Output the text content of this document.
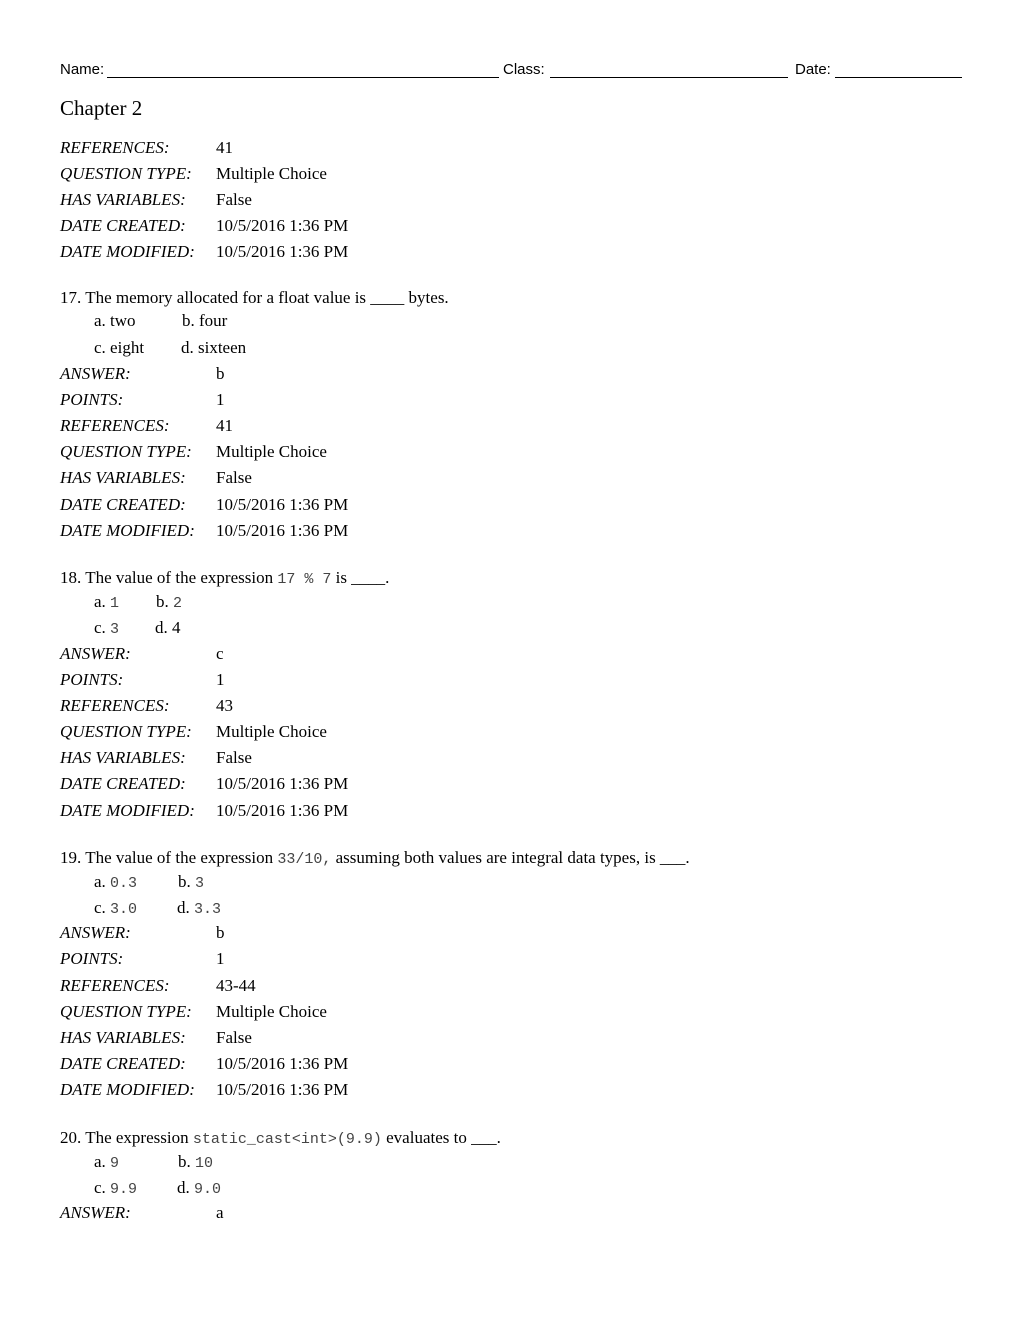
Name:	Class:	Date:
Chapter 2
REFERENCES:	41
QUESTION TYPE: Multiple Choice
HAS VARIABLES: False
DATE CREATED: 10/5/2016 1:36 PM
DATE MODIFIED: 10/5/2016 1:36 PM
17. The memory allocated for a float value is ____ bytes.
a. two	b. four
c. eight d. sixteen
ANSWER:	b
POINTS:	1
REFERENCES:	41
QUESTION TYPE: Multiple Choice
HAS VARIABLES: False
DATE CREATED: 10/5/2016 1:36 PM
DATE MODIFIED: 10/5/2016 1:36 PM
18. The value of the expression 17 % 7 is ____.
a. 1 b. 2
c. 3 d. 4
ANSWER:	c
POINTS:	1
REFERENCES:	43
QUESTION TYPE: Multiple Choice
HAS VARIABLES: False
DATE CREATED: 10/5/2016 1:36 PM
DATE MODIFIED: 10/5/2016 1:36 PM
19. The value of the expression 33/10, assuming both values are integral data types, is ___.
a. 0.3 b. 3
c. 3.0 d. 3.3
ANSWER:	b
POINTS:	1
REFERENCES:	43-44
QUESTION TYPE: Multiple Choice
HAS VARIABLES: False
DATE CREATED: 10/5/2016 1:36 PM
DATE MODIFIED: 10/5/2016 1:36 PM
20. The expression static_cast<int>(9.9) evaluates to ___.
a. 9	b. 10
c. 9.9 d. 9.0
ANSWER:	a
